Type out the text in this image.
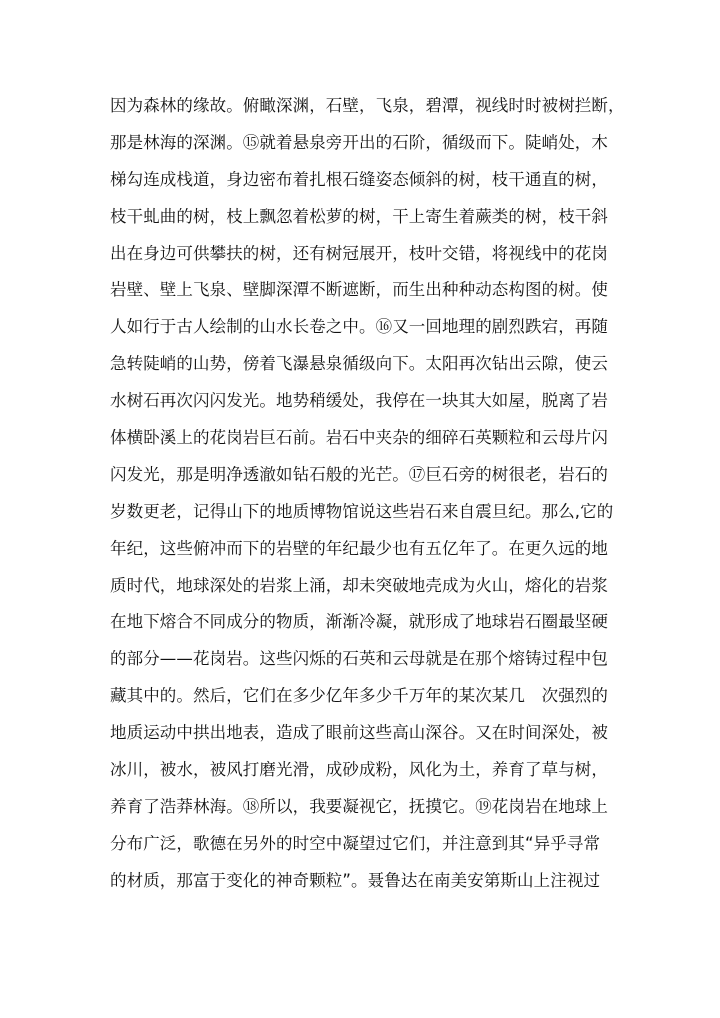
因为森林的缘故。俯瞰深渊，石壁，飞泉，碧潭，视线时时被树拦断，
那是林海的深渊。⑮就着悬泉旁开出的石阶，循级而下。陡峭处，木
梯勾连成栈道，身边密布着扎根石缝姿态倾斜的树，枝干通直的树，
枝干虬曲的树，枝上飘忽着松萝的树，干上寄生着蕨类的树，枝干斜
出在身边可供攀扶的树，还有树冠展开，枝叶交错，将视线中的花岗
岩壁、壁上飞泉、壁脚深潭不断遮断，而生出种种动态构图的树。使
人如行于古人绘制的山水长卷之中。⑯又一回地理的剧烈跌宕，再随
急转陡峭的山势，傍着飞瀑悬泉循级向下。太阳再次钻出云隙，使云
水树石再次闪闪发光。地势稍缓处，我停在一块其大如屋，脱离了岩
体横卧溪上的花岗岩巨石前。岩石中夹杂的细碎石英颗粒和云母片闪
闪发光，那是明净透澈如钻石般的光芒。⑰巨石旁的树很老，岩石的
岁数更老，记得山下的地质博物馆说这些岩石来自震旦纪。那么,它的
年纪，这些俯冲而下的岩壁的年纪最少也有五亿年了。在更久远的地
质时代，地球深处的岩浆上涌，却未突破地壳成为火山，熔化的岩浆
在地下熔合不同成分的物质，渐渐冷凝，就形成了地球岩石圈最坚硬
的部分——花岗岩。这些闪烁的石英和云母就是在那个熔铸过程中包
藏其中的。然后，它们在多少亿年多少千万年的某次某几　次强烈的
地质运动中拱出地表，造成了眼前这些高山深谷。又在时间深处，被
冰川，被水，被风打磨光滑，成砂成粉，风化为土，养育了草与树，
养育了浩莽林海。⑱所以，我要凝视它，抚摸它。⑲花岗岩在地球上
分布广泛，歌德在另外的时空中凝望过它们，并注意到其“异乎寻常
的材质，那富于变化的神奇颗粒”。聂鲁达在南美安第斯山上注视过
